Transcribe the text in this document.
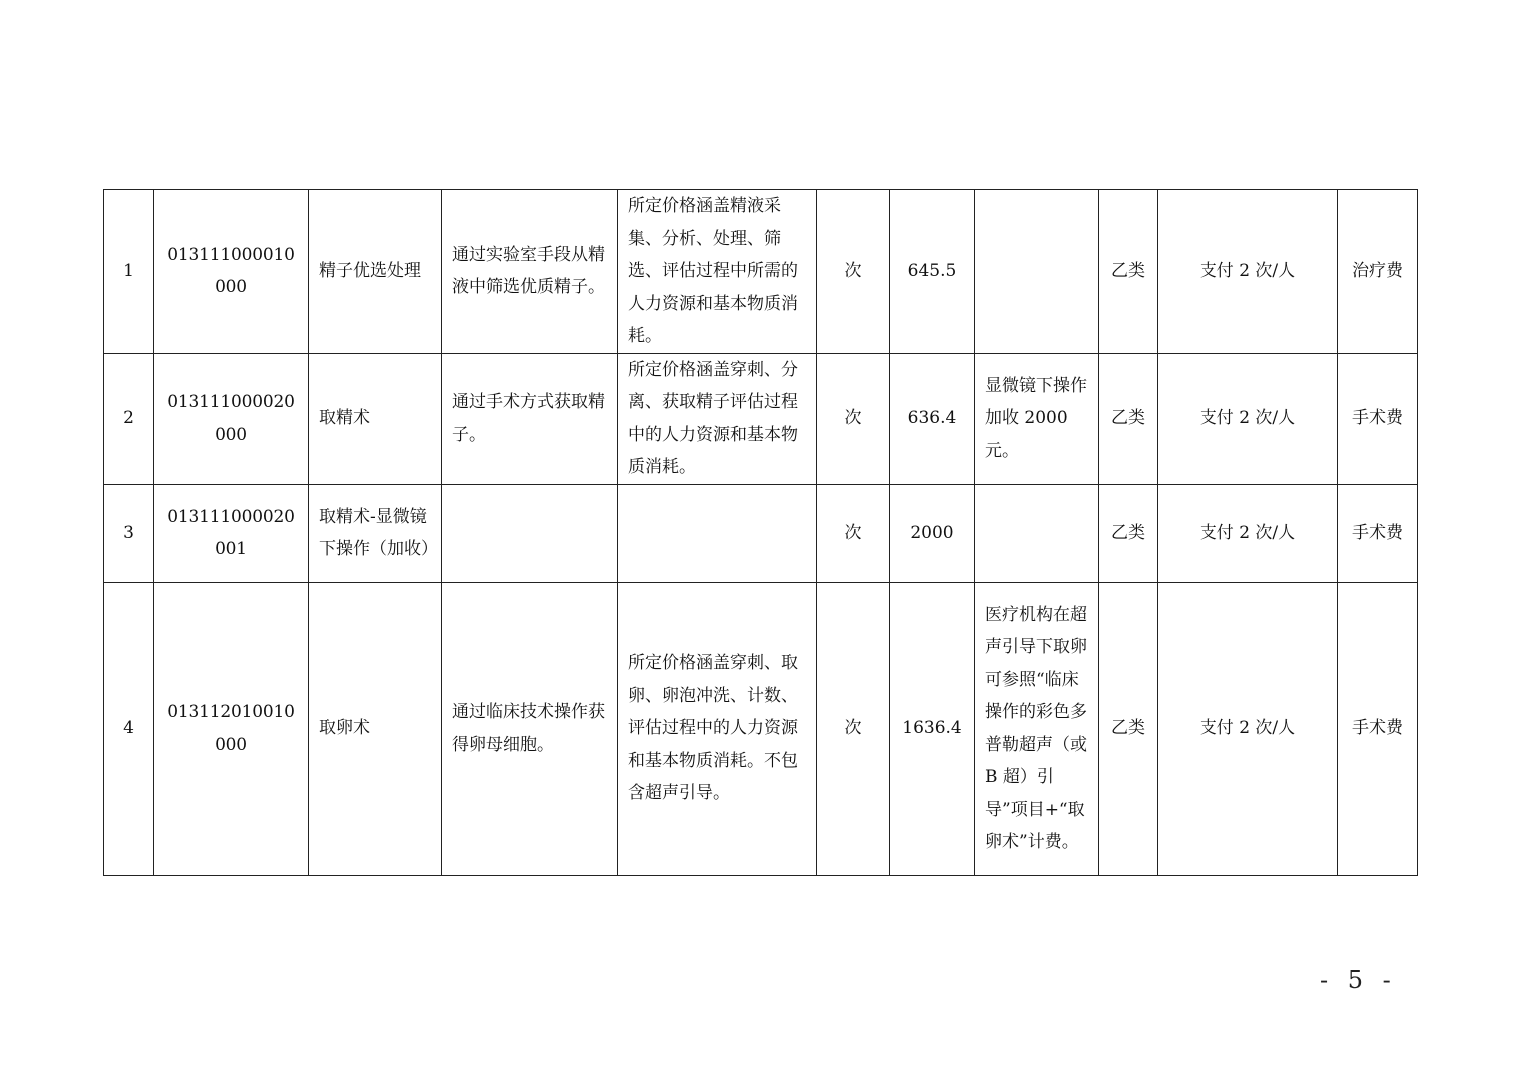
1	013111000010000	精子优选处理	通过实验室手段从精液中筛选优质精子。	所定价格涵盖精液采集、分析、处理、筛选、评估过程中所需的人力资源和基本物质消耗。	次	645.5		乙类	支付 2 次/人	治疗费
2	013111000020000	取精术	通过手术方式获取精子。	所定价格涵盖穿刺、分离、获取精子评估过程中的人力资源和基本物质消耗。	次	636.4	显微镜下操作加收 2000 元。	乙类	支付 2 次/人	手术费
3	013111000020001	取精术-显微镜下操作（加收）			次	2000		乙类	支付 2 次/人	手术费
4	013112010010000	取卵术	通过临床技术操作获得卵母细胞。	所定价格涵盖穿刺、取卵、卵泡冲洗、计数、评估过程中的人力资源和基本物质消耗。不包含超声引导。	次	1636.4	医疗机构在超声引导下取卵可参照“临床操作的彩色多普勒超声（或 B 超）引导”项目+“取卵术”计费。	乙类	支付 2 次/人	手术费
- 5 -
